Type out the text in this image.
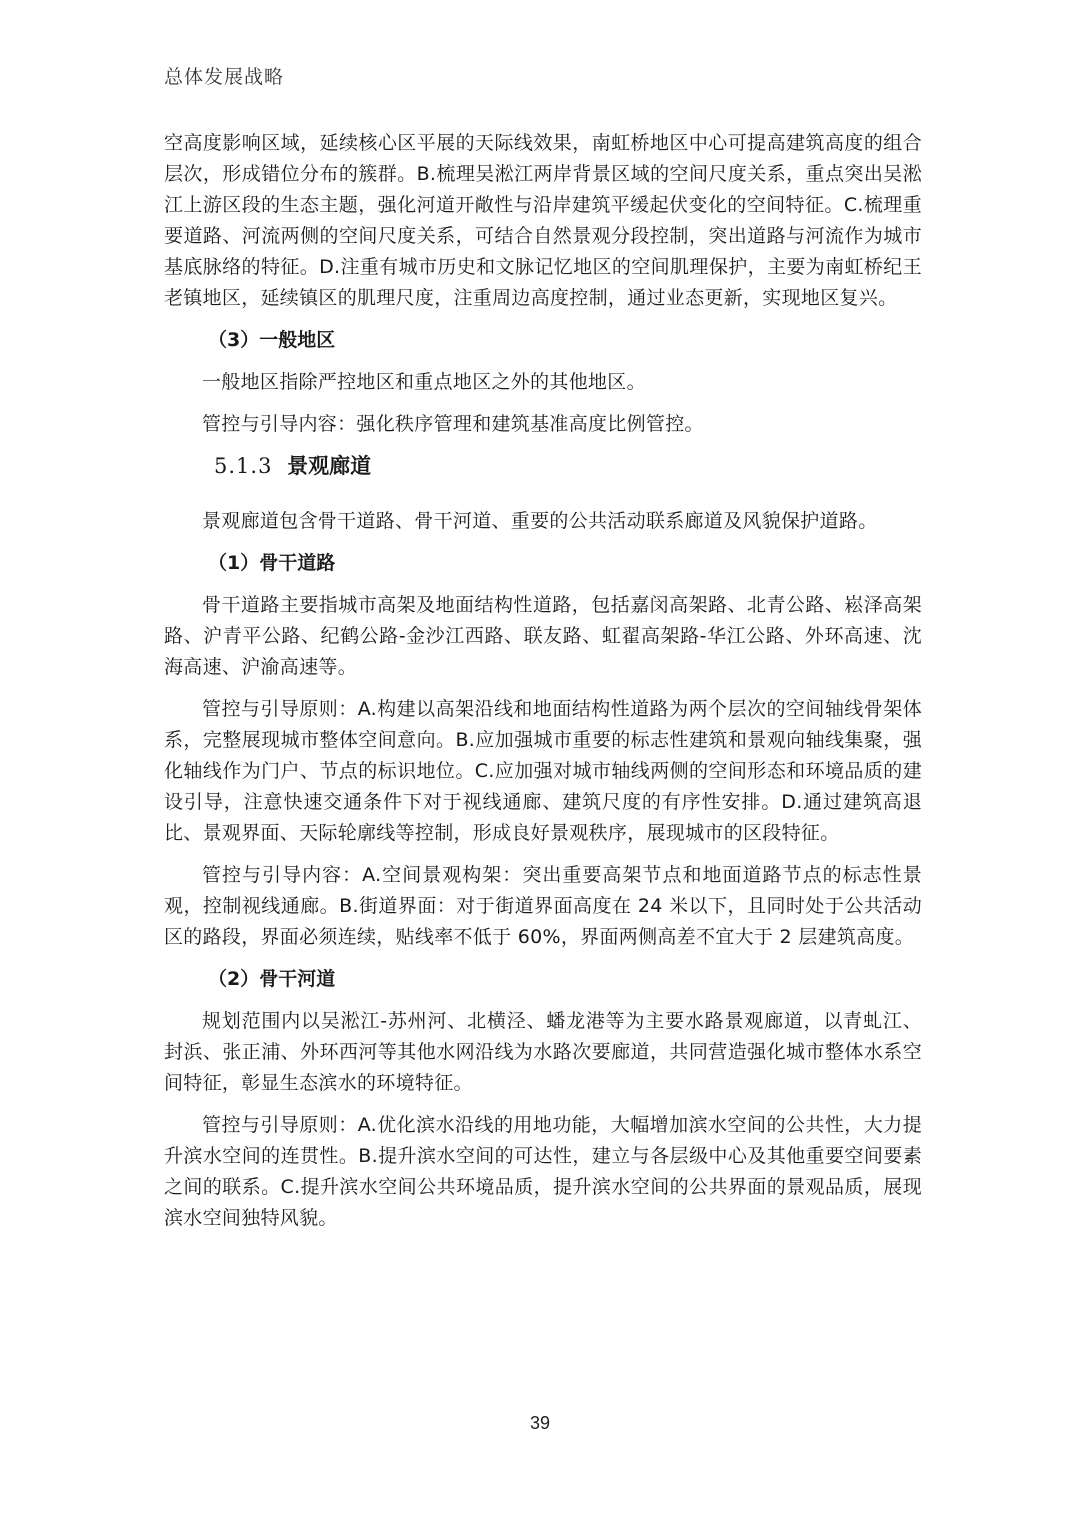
总体发展战略

空高度影响区域，延续核心区平展的天际线效果，南虹桥地区中心可提高建筑高度的组合层次，形成错位分布的簇群。B.梳理吴淞江两岸背景区域的空间尺度关系，重点突出吴淞江上游区段的生态主题，强化河道开敞性与沿岸建筑平缓起伏变化的空间特征。C.梳理重要道路、河流两侧的空间尺度关系，可结合自然景观分段控制，突出道路与河流作为城市基底脉络的特征。D.注重有城市历史和文脉记忆地区的空间肌理保护，主要为南虹桥纪王老镇地区，延续镇区的肌理尺度，注重周边高度控制，通过业态更新，实现地区复兴。

（3）一般地区

一般地区指除严控地区和重点地区之外的其他地区。

管控与引导内容：强化秩序管理和建筑基准高度比例管控。

5.1.3 景观廊道

景观廊道包含骨干道路、骨干河道、重要的公共活动联系廊道及风貌保护道路。

（1）骨干道路

骨干道路主要指城市高架及地面结构性道路，包括嘉闵高架路、北青公路、崧泽高架路、沪青平公路、纪鹤公路-金沙江西路、联友路、虹翟高架路-华江公路、外环高速、沈海高速、沪渝高速等。

管控与引导原则：A.构建以高架沿线和地面结构性道路为两个层次的空间轴线骨架体系，完整展现城市整体空间意向。B.应加强城市重要的标志性建筑和景观向轴线集聚，强化轴线作为门户、节点的标识地位。C.应加强对城市轴线两侧的空间形态和环境品质的建设引导，注意快速交通条件下对于视线通廊、建筑尺度的有序性安排。D.通过建筑高退比、景观界面、天际轮廓线等控制，形成良好景观秩序，展现城市的区段特征。

管控与引导内容：A.空间景观构架：突出重要高架节点和地面道路节点的标志性景观，控制视线通廊。B.街道界面：对于街道界面高度在 24 米以下，且同时处于公共活动区的路段，界面必须连续，贴线率不低于 60%，界面两侧高差不宜大于 2 层建筑高度。

（2）骨干河道

规划范围内以吴淞江-苏州河、北横泾、蟠龙港等为主要水路景观廊道，以青虬江、封浜、张正浦、外环西河等其他水网沿线为水路次要廊道，共同营造强化城市整体水系空间特征，彰显生态滨水的环境特征。

管控与引导原则：A.优化滨水沿线的用地功能，大幅增加滨水空间的公共性，大力提升滨水空间的连贯性。B.提升滨水空间的可达性，建立与各层级中心及其他重要空间要素之间的联系。C.提升滨水空间公共环境品质，提升滨水空间的公共界面的景观品质，展现滨水空间独特风貌。

39
